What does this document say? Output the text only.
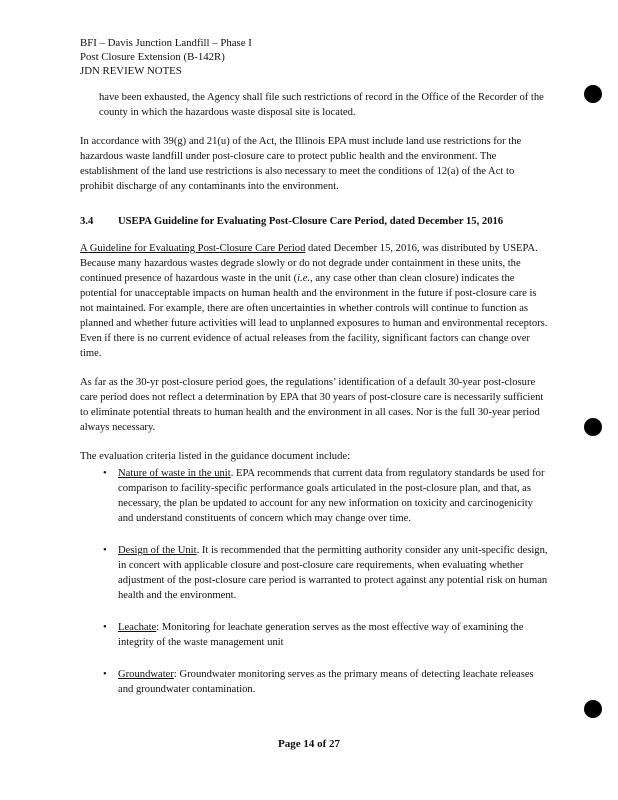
BFI – Davis Junction Landfill – Phase I
Post Closure Extension (B-142R)
JDN REVIEW NOTES

have been exhausted, the Agency shall file such restrictions of record in the Office of the Recorder of the county in which the hazardous waste disposal site is located.

In accordance with 39(g) and 21(u) of the Act, the Illinois EPA must include land use restrictions for the hazardous waste landfill under post-closure care to protect public health and the environment. The establishment of the land use restrictions is also necessary to meet the conditions of 12(a) of the Act to prohibit discharge of any contaminants into the environment.

3.4	USEPA Guideline for Evaluating Post-Closure Care Period, dated December 15, 2016

A Guideline for Evaluating Post-Closure Care Period dated December 15, 2016, was distributed by USEPA. Because many hazardous wastes degrade slowly or do not degrade under containment in these units, the continued presence of hazardous waste in the unit (i.e., any case other than clean closure) indicates the potential for unacceptable impacts on human health and the environment in the future if post-closure care is not maintained. For example, there are often uncertainties in whether controls will continue to function as planned and whether future activities will lead to unplanned exposures to human and environmental receptors. Even if there is no current evidence of actual releases from the facility, significant factors can change over time.

As far as the 30-yr post-closure period goes, the regulations’ identification of a default 30-year post-closure care period does not reflect a determination by EPA that 30 years of post-closure care is necessarily sufficient to eliminate potential threats to human health and the environment in all cases. Nor is the full 30-year period always necessary.

The evaluation criteria listed in the guidance document include:

• Nature of waste in the unit. EPA recommends that current data from regulatory standards be used for comparison to facility-specific performance goals articulated in the post-closure plan, and that, as necessary, the plan be updated to account for any new information on toxicity and carcinogenicity and understand constituents of concern which may change over time.
• Design of the Unit. It is recommended that the permitting authority consider any unit-specific design, in concert with applicable closure and post-closure care requirements, when evaluating whether adjustment of the post-closure care period is warranted to protect against any potential risk on human health and the environment.
• Leachate: Monitoring for leachate generation serves as the most effective way of examining the integrity of the waste management unit
• Groundwater: Groundwater monitoring serves as the primary means of detecting leachate releases and groundwater contamination.
Page 14 of 27
